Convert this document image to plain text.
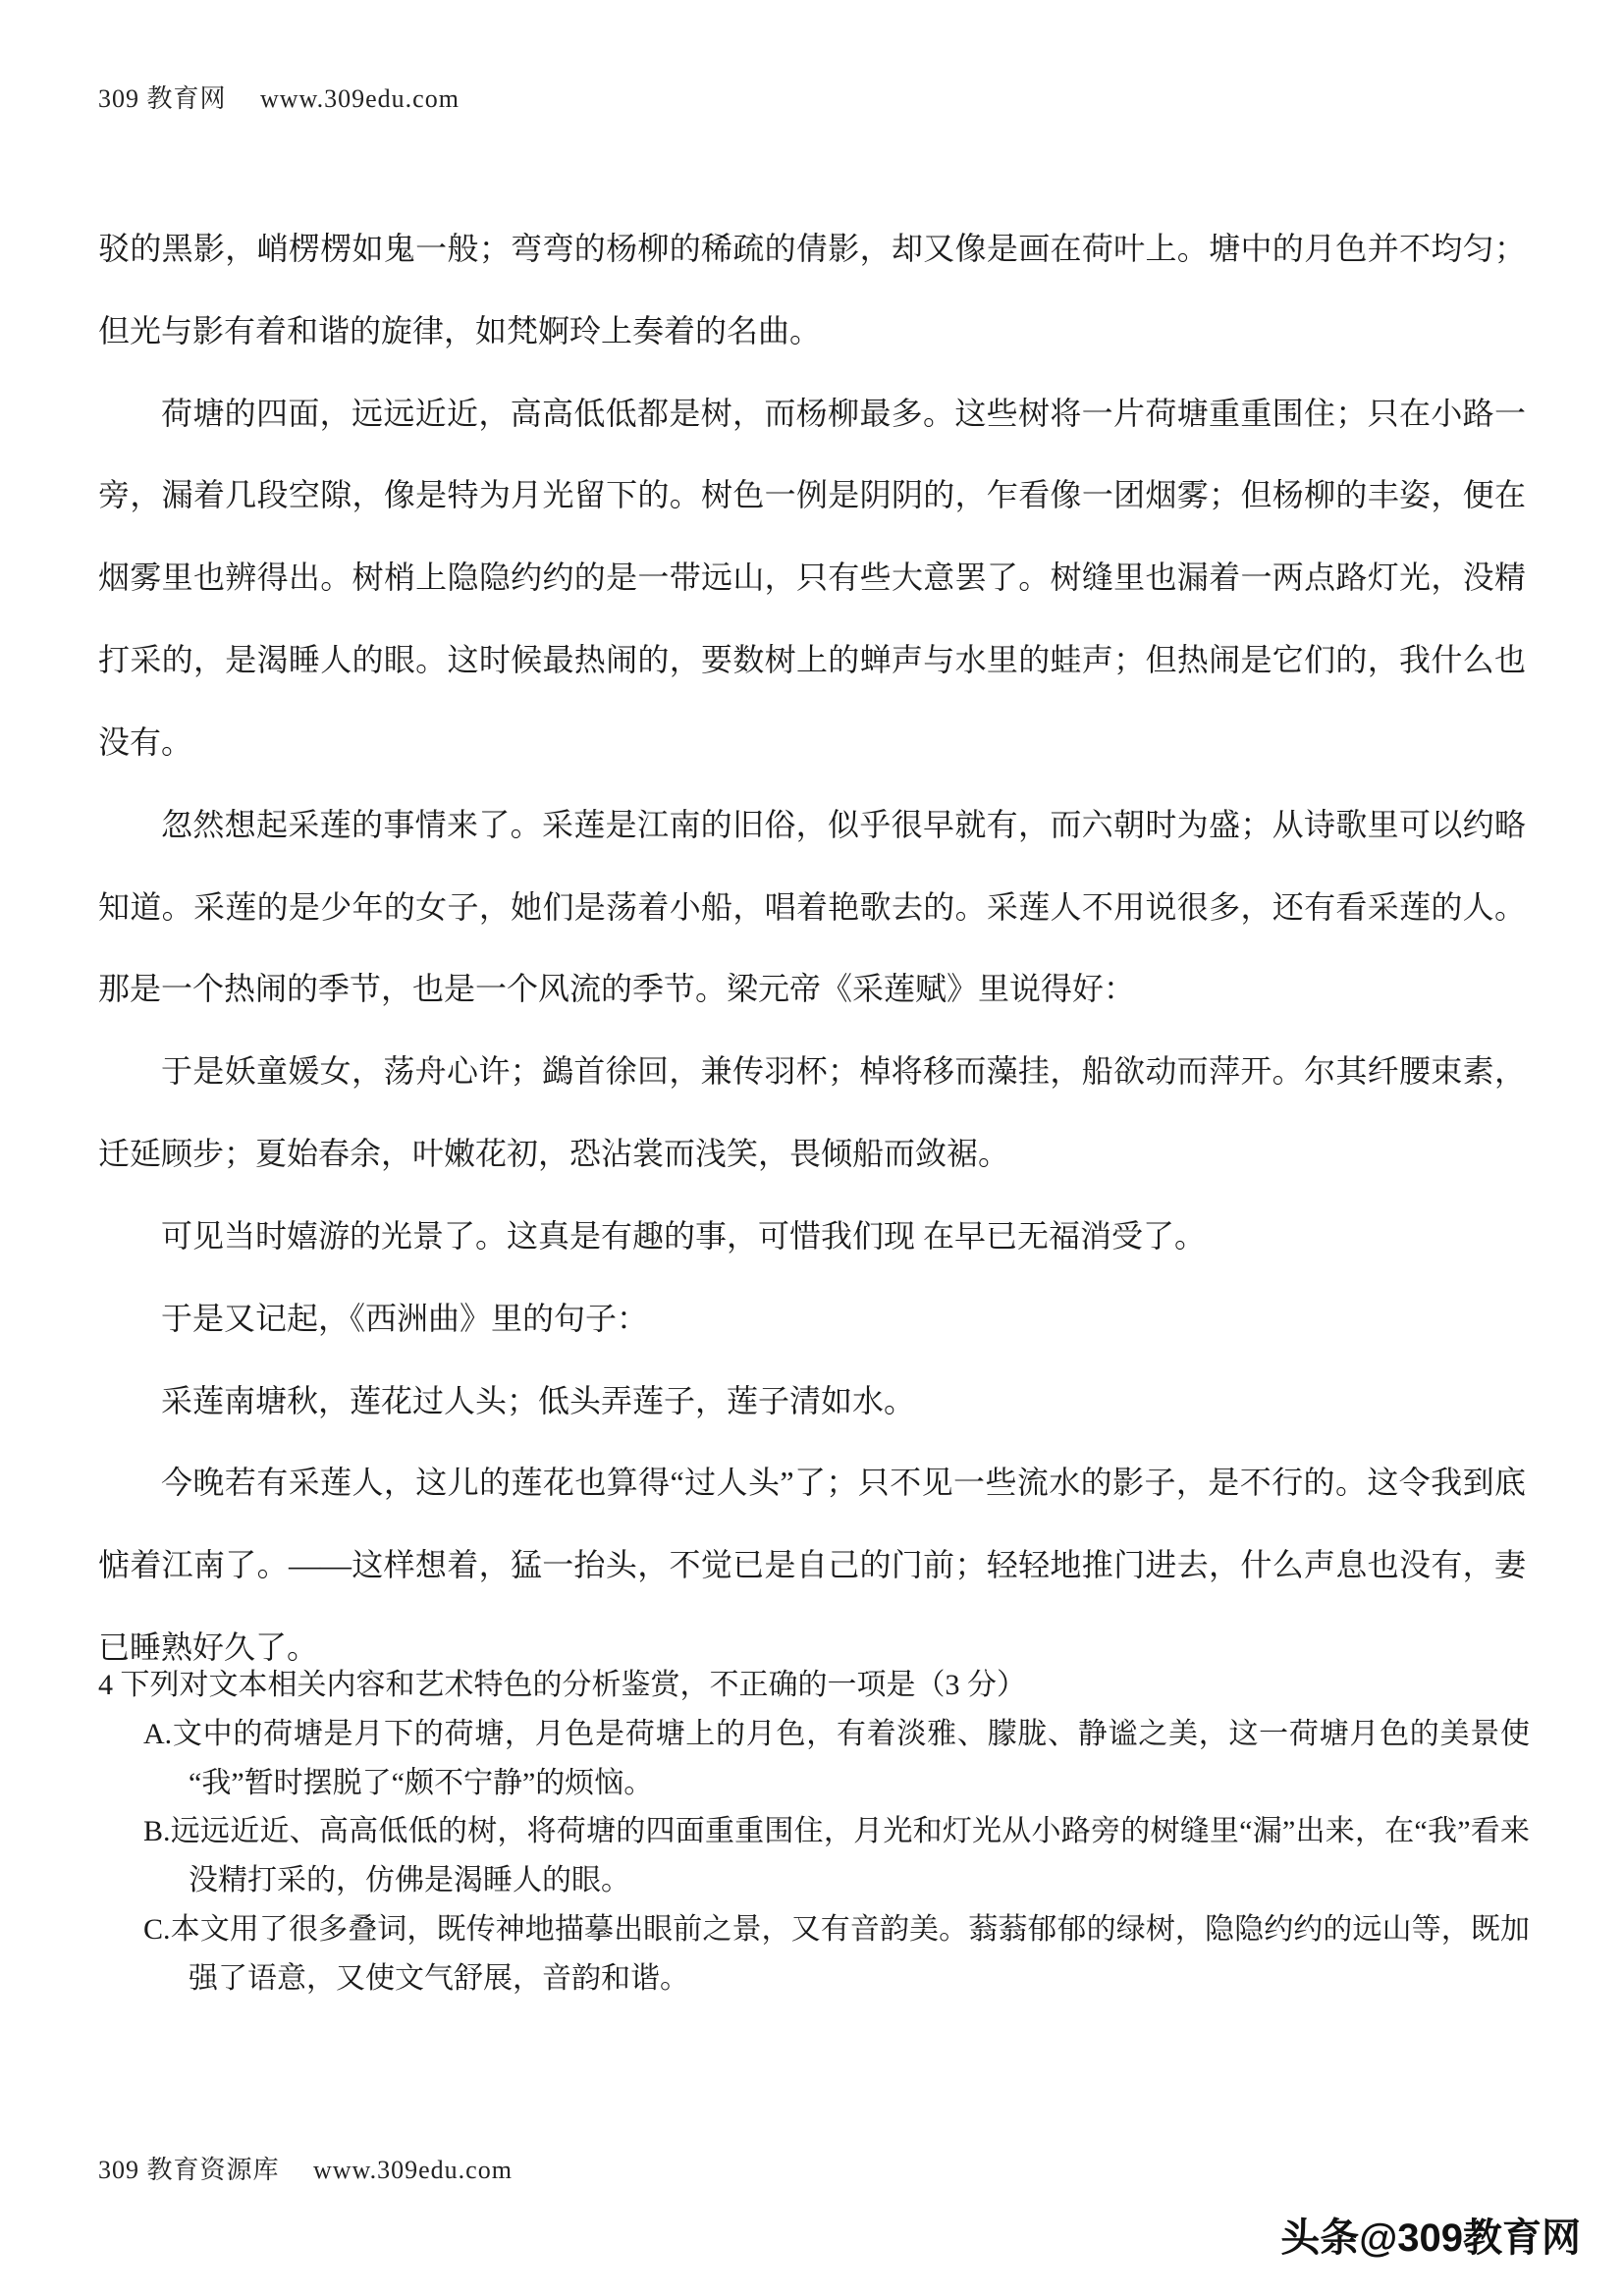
309 教育网　 www.309edu.com

驳的黑影，峭楞楞如鬼一般；弯弯的杨柳的稀疏的倩影，却又像是画在荷叶上。塘中的月色并不均匀；但光与影有着和谐的旋律，如梵婀玲上奏着的名曲。

荷塘的四面，远远近近，高高低低都是树，而杨柳最多。这些树将一片荷塘重重围住；只在小路一旁，漏着几段空隙，像是特为月光留下的。树色一例是阴阴的，乍看像一团烟雾；但杨柳的丰姿，便在烟雾里也辨得出。树梢上隐隐约约的是一带远山，只有些大意罢了。树缝里也漏着一两点路灯光，没精打采的，是渴睡人的眼。这时候最热闹的，要数树上的蝉声与水里的蛙声；但热闹是它们的，我什么也没有。

忽然想起采莲的事情来了。采莲是江南的旧俗，似乎很早就有，而六朝时为盛；从诗歌里可以约略知道。采莲的是少年的女子，她们是荡着小船，唱着艳歌去的。采莲人不用说很多，还有看采莲的人。那是一个热闹的季节，也是一个风流的季节。梁元帝《采莲赋》里说得好：

于是妖童媛女，荡舟心许；鷁首徐回，兼传羽杯；棹将移而藻挂，船欲动而萍开。尔其纤腰束素，迁延顾步；夏始春余，叶嫩花初，恐沾裳而浅笑，畏倾船而敛裾。

可见当时嬉游的光景了。这真是有趣的事，可惜我们现 在早已无福消受了。

于是又记起，《西洲曲》里的句子：

采莲南塘秋，莲花过人头；低头弄莲子，莲子清如水。

今晚若有采莲人，这儿的莲花也算得“过人头”了；只不见一些流水的影子，是不行的。这令我到底惦着江南了。——这样想着，猛一抬头，不觉已是自己的门前；轻轻地推门进去，什么声息也没有，妻已睡熟好久了。

4 下列对文本相关内容和艺术特色的分析鉴赏，不正确的一项是（3 分）

A.文中的荷塘是月下的荷塘，月色是荷塘上的月色，有着淡雅、朦胧、静谧之美，这一荷塘月色的美景使“我”暂时摆脱了“颇不宁静”的烦恼。

B.远远近近、高高低低的树，将荷塘的四面重重围住，月光和灯光从小路旁的树缝里“漏”出来，在“我”看来没精打采的，仿佛是渴睡人的眼。

C.本文用了很多叠词，既传神地描摹出眼前之景，又有音韵美。蓊蓊郁郁的绿树，隐隐约约的远山等，既加强了语意，又使文气舒展，音韵和谐。

309 教育资源库　 www.309edu.com
头条@309教育网
